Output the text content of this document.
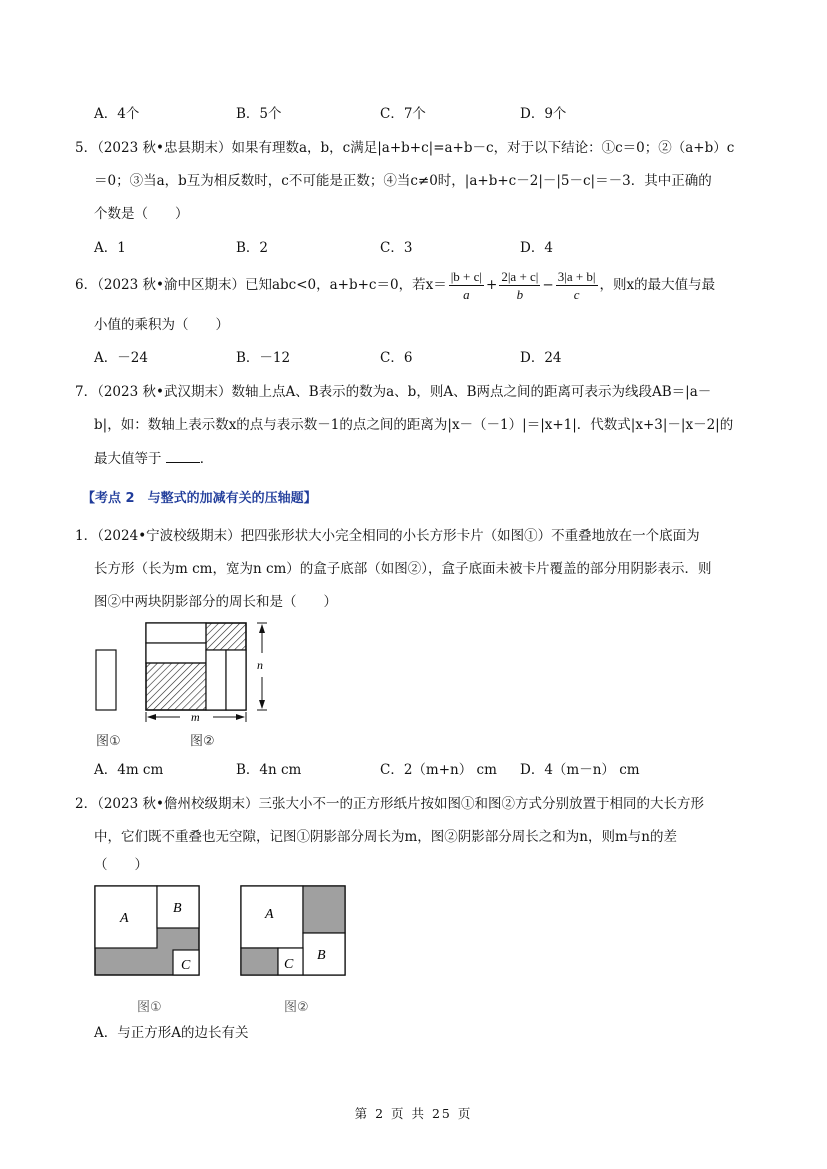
A．4个	B．5个	C．7个	D．9个
5．（2023 秋•忠县期末）如果有理数a，b，c满足|a+b+c|=a+b－c，对于以下结论：①c＝0；②（a+b）c
＝0；③当a，b互为相反数时，c不可能是正数；④当c≠0时，|a+b+c－2|－|5－c|＝－3．其中正确的
个数是（　　）
A．1	B．2	C．3	D．4
6．（2023 秋•渝中区期末）已知abc<0，a+b+c＝0，若$x= \frac{|b + c|}{a} + \frac{2|a + c|}{b} - \frac{3|a + b|}{c}$ ，则x的最大值与最
小值的乘积为（　　）
A．－24	B．－12	C．6	D．24
7．（2023 秋•武汉期末）数轴上点A、B表示的数为a、b，则A、B两点之间的距离可表示为线段AB＝|a－
b|，如：数轴上表示数x的点与表示数－1的点之间的距离为|x－（－1）|＝|x+1|．代数式|x+3|－|x－2|的
最大值等于	．
【考点 2　与整式的加减有关的压轴题】
1．（2024•宁波校级期末）把四张形状大小完全相同的小长方形卡片（如图①）不重叠地放在一个底面为
长方形（长为m cm，宽为n cm）的盒子底部（如图②），盒子底面未被卡片覆盖的部分用阴影表示．则
图②中两块阴影部分的周长和是（　　）
n
m
图①	图②
A．4m cm	B．4n cm	C．2（m+n） cm D．4（m－n） cm
2．（2023 秋•儋州校级期末）三张大小不一的正方形纸片按如图①和图②方式分别放置于相同的大长方形
中，它们既不重叠也无空隙，记图①阴影部分周长为m，图②阴影部分周长之和为n，则m与n的差
（　　）
A
B
C
A
B
C
图①	图②
A．与正方形A的边长有关
第 2 页 共 25 页
